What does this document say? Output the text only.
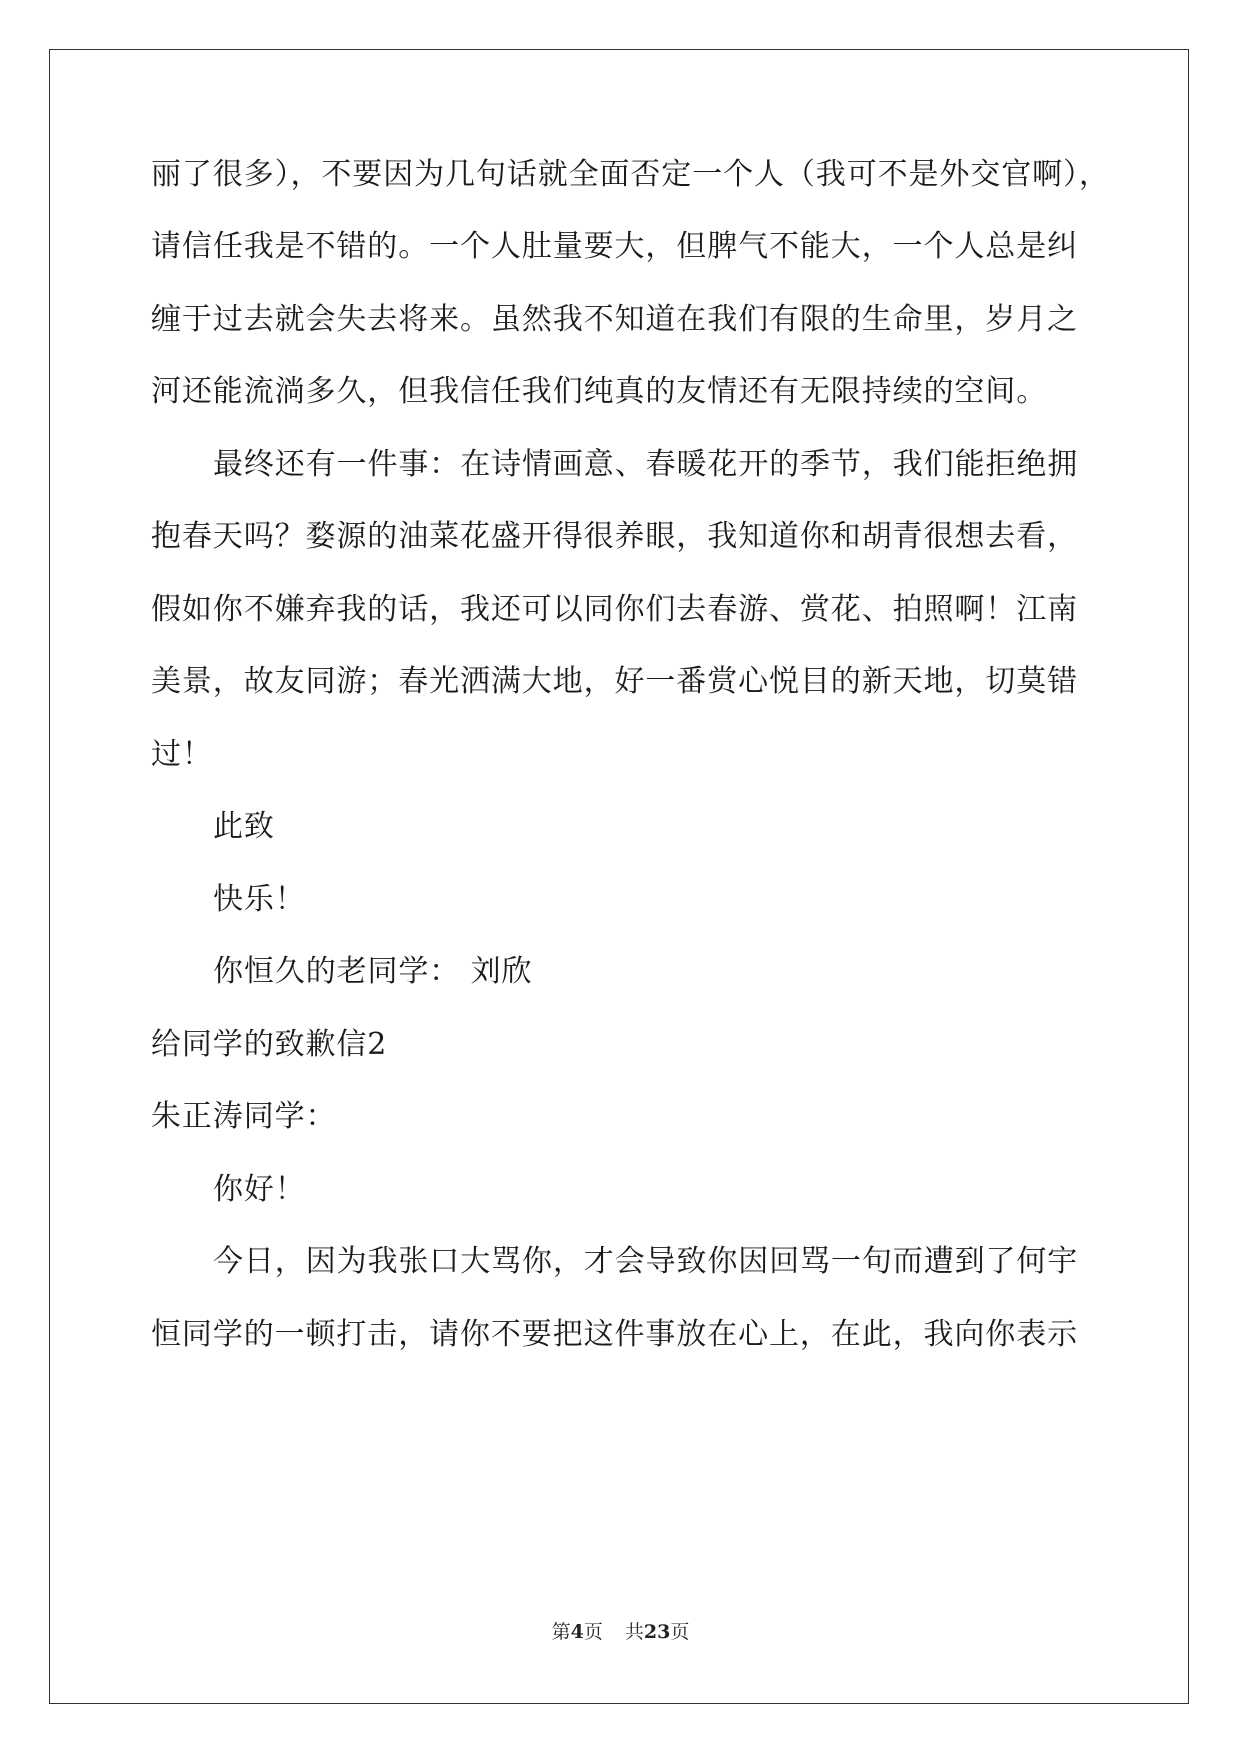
丽了很多），不要因为几句话就全面否定一个人（我可不是外交官啊），
请信任我是不错的。一个人肚量要大，但脾气不能大，一个人总是纠
缠于过去就会失去将来。虽然我不知道在我们有限的生命里，岁月之
河还能流淌多久，但我信任我们纯真的友情还有无限持续的空间。
最终还有一件事：在诗情画意、春暖花开的季节，我们能拒绝拥
抱春天吗？婺源的油菜花盛开得很养眼，我知道你和胡青很想去看，
假如你不嫌弃我的话，我还可以同你们去春游、赏花、拍照啊！江南
美景，故友同游；春光洒满大地，好一番赏心悦目的新天地，切莫错
过！
此致
快乐！
你恒久的老同学： 刘欣
给同学的致歉信2
朱正涛同学：
你好！
今日，因为我张口大骂你，才会导致你因回骂一句而遭到了何宇
恒同学的一顿打击，请你不要把这件事放在心上，在此，我向你表示
第4页 共23页
